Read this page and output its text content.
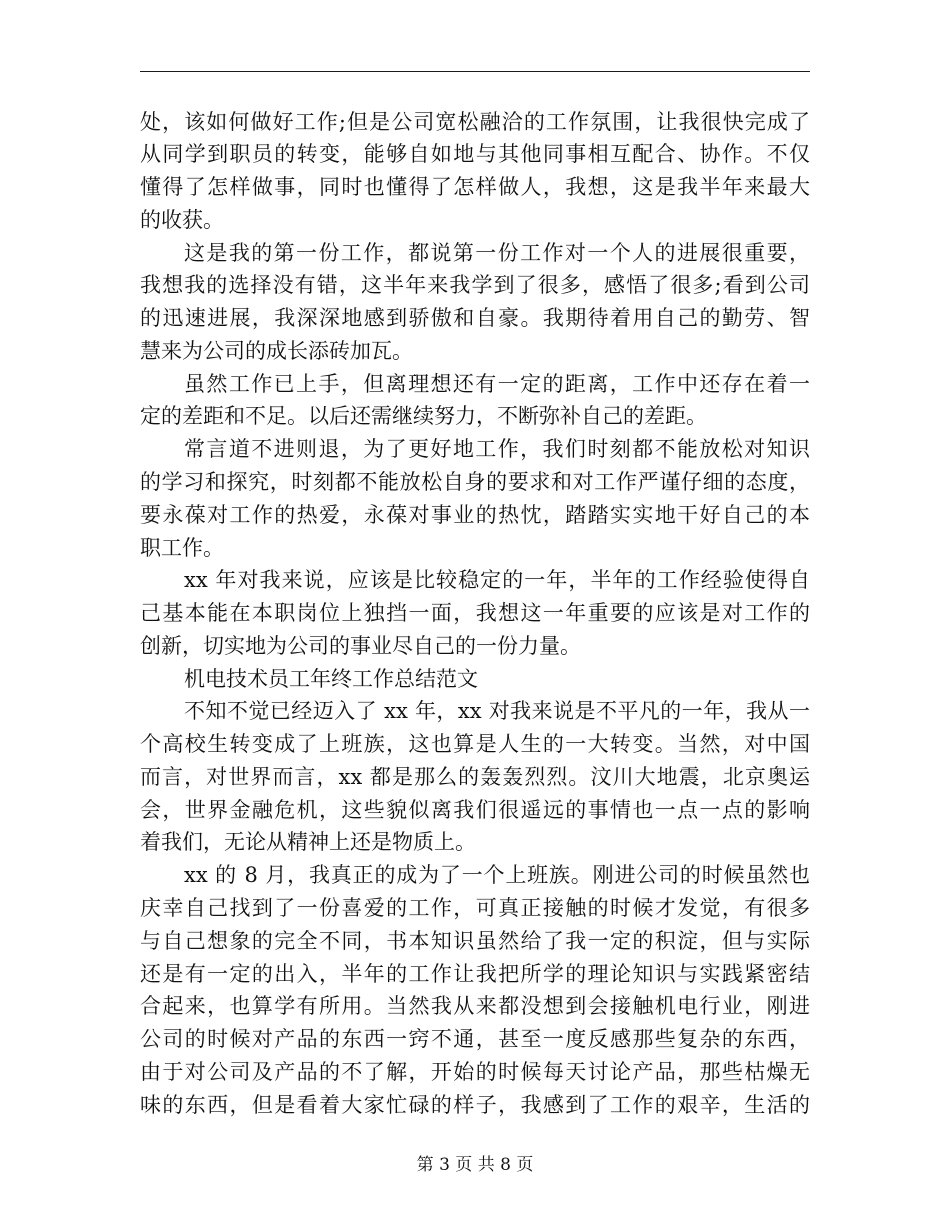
处，该如何做好工作;但是公司宽松融洽的工作氛围，让我很快完成了
从同学到职员的转变，能够自如地与其他同事相互配合、协作。不仅
懂得了怎样做事，同时也懂得了怎样做人，我想，这是我半年来最大
的收获。
这是我的第一份工作，都说第一份工作对一个人的进展很重要，
我想我的选择没有错，这半年来我学到了很多，感悟了很多;看到公司
的迅速进展，我深深地感到骄傲和自豪。我期待着用自己的勤劳、智
慧来为公司的成长添砖加瓦。
虽然工作已上手，但离理想还有一定的距离，工作中还存在着一
定的差距和不足。以后还需继续努力，不断弥补自己的差距。
常言道不进则退，为了更好地工作，我们时刻都不能放松对知识
的学习和探究，时刻都不能放松自身的要求和对工作严谨仔细的态度，
要永葆对工作的热爱，永葆对事业的热忱，踏踏实实地干好自己的本
职工作。
xx 年对我来说，应该是比较稳定的一年，半年的工作经验使得自
己基本能在本职岗位上独挡一面，我想这一年重要的应该是对工作的
创新，切实地为公司的事业尽自己的一份力量。
机电技术员工年终工作总结范文
不知不觉已经迈入了 xx 年，xx 对我来说是不平凡的一年，我从一
个高校生转变成了上班族，这也算是人生的一大转变。当然，对中国
而言，对世界而言，xx 都是那么的轰轰烈烈。汶川大地震，北京奥运
会，世界金融危机，这些貌似离我们很遥远的事情也一点一点的影响
着我们，无论从精神上还是物质上。
xx 的 8 月，我真正的成为了一个上班族。刚进公司的时候虽然也
庆幸自己找到了一份喜爱的工作，可真正接触的时候才发觉，有很多
与自己想象的完全不同，书本知识虽然给了我一定的积淀，但与实际
还是有一定的出入，半年的工作让我把所学的理论知识与实践紧密结
合起来，也算学有所用。当然我从来都没想到会接触机电行业，刚进
公司的时候对产品的东西一窍不通，甚至一度反感那些复杂的东西，
由于对公司及产品的不了解，开始的时候每天讨论产品，那些枯燥无
味的东西，但是看着大家忙碌的样子，我感到了工作的艰辛，生活的
第 3 页 共 8 页
